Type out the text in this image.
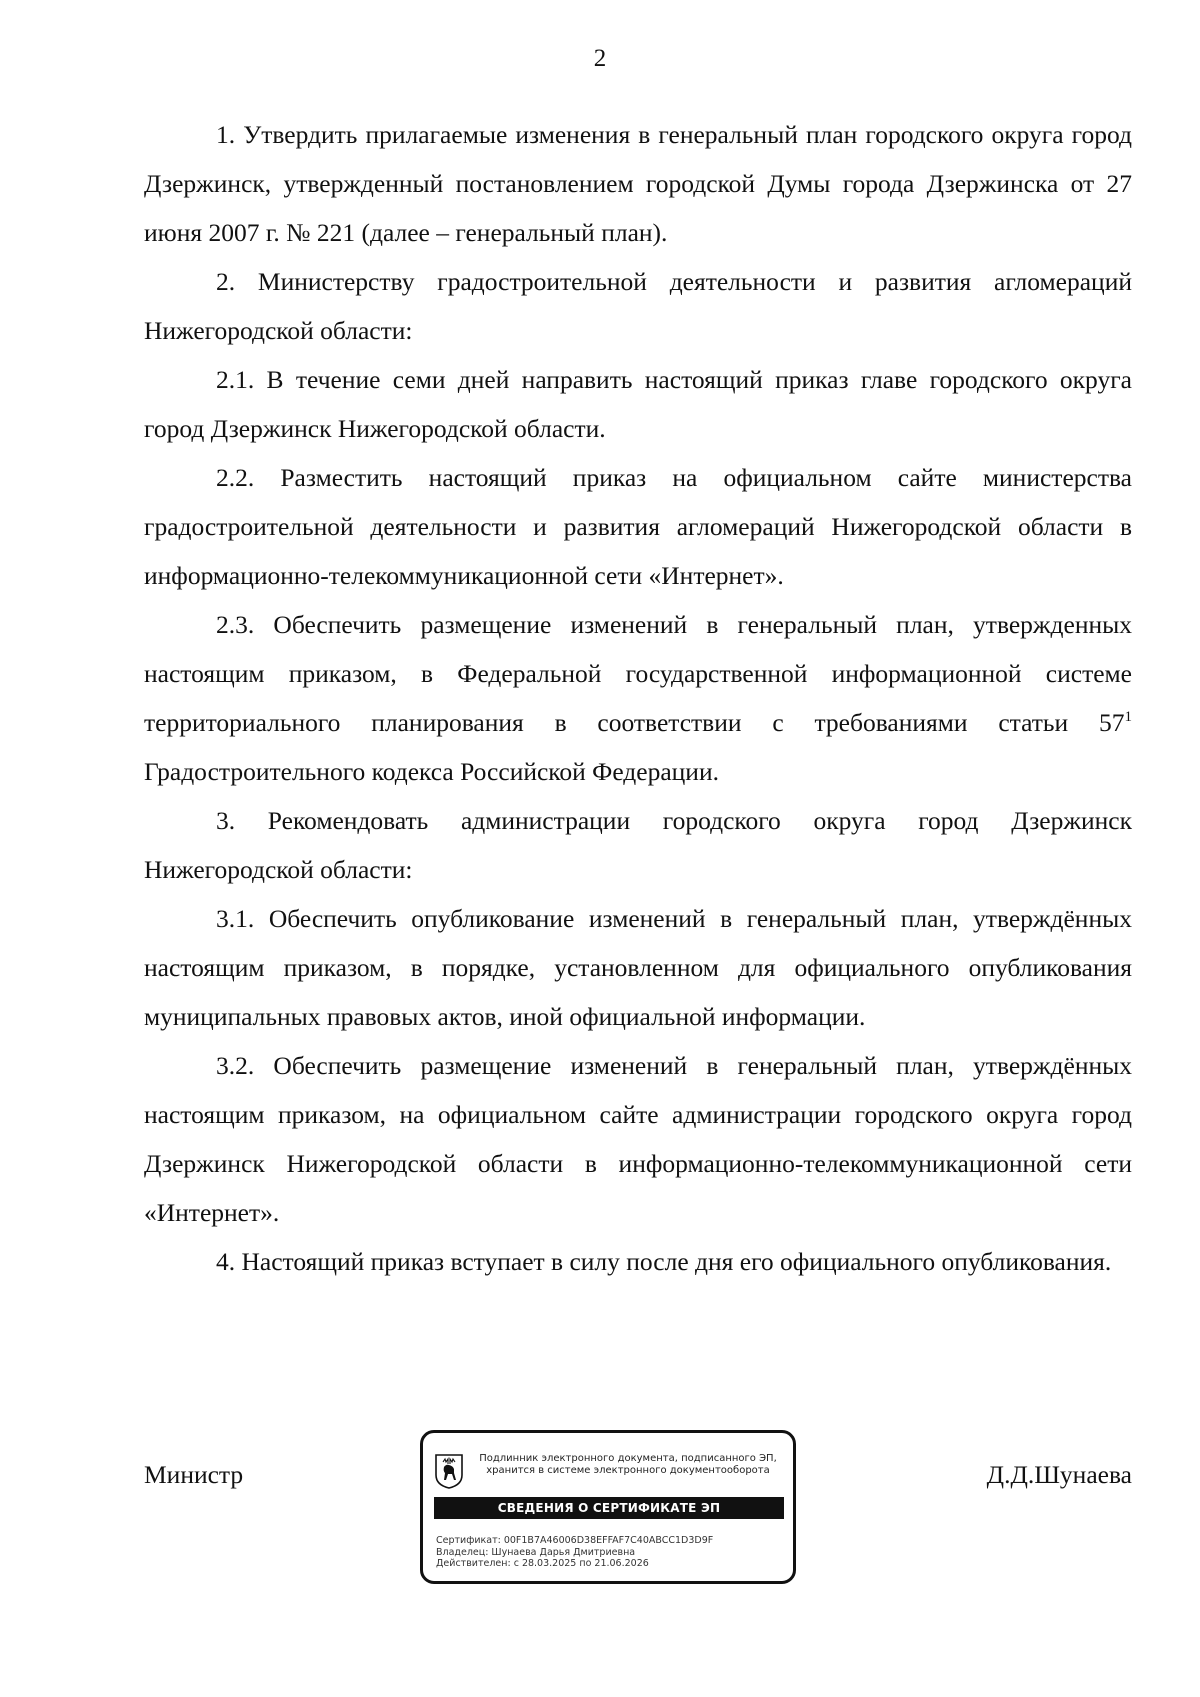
2

1. Утвердить прилагаемые изменения в генеральный план городского округа город Дзержинск, утвержденный постановлением городской Думы города Дзержинска от 27 июня 2007 г. № 221 (далее – генеральный план).

2. Министерству градостроительной деятельности и развития агломераций Нижегородской области:

2.1. В течение семи дней направить настоящий приказ главе городского округа город Дзержинск Нижегородской области.

2.2. Разместить настоящий приказ на официальном сайте министерства градостроительной деятельности и развития агломераций Нижегородской области в информационно-телекоммуникационной сети «Интернет».

2.3. Обеспечить размещение изменений в генеральный план, утвержденных настоящим приказом, в Федеральной государственной информационной системе территориального планирования в соответствии с требованиями статьи $57^1$ Градостроительного кодекса Российской Федерации.

3. Рекомендовать администрации городского округа город Дзержинск Нижегородской области:

3.1. Обеспечить опубликование изменений в генеральный план, утверждённых настоящим приказом, в порядке, установленном для официального опубликования муниципальных правовых актов, иной официальной информации.

3.2. Обеспечить размещение изменений в генеральный план, утверждённых настоящим приказом, на официальном сайте администрации городского округа город Дзержинск Нижегородской области в информационно-телекоммуникационной сети «Интернет».

4. Настоящий приказ вступает в силу после дня его официального опубликования.

Министр
Подлинник электронного документа, подписанного ЭП,
хранится в системе электронного документооборота
СВЕДЕНИЯ О СЕРТИФИКАТЕ ЭП
Сертификат: 00F1B7A46006D38EFFAF7C40ABCC1D3D9F
Владелец: Шунаева Дарья Дмитриевна
Действителен: с 28.03.2025 по 21.06.2026
Д.Д.Шунаева
